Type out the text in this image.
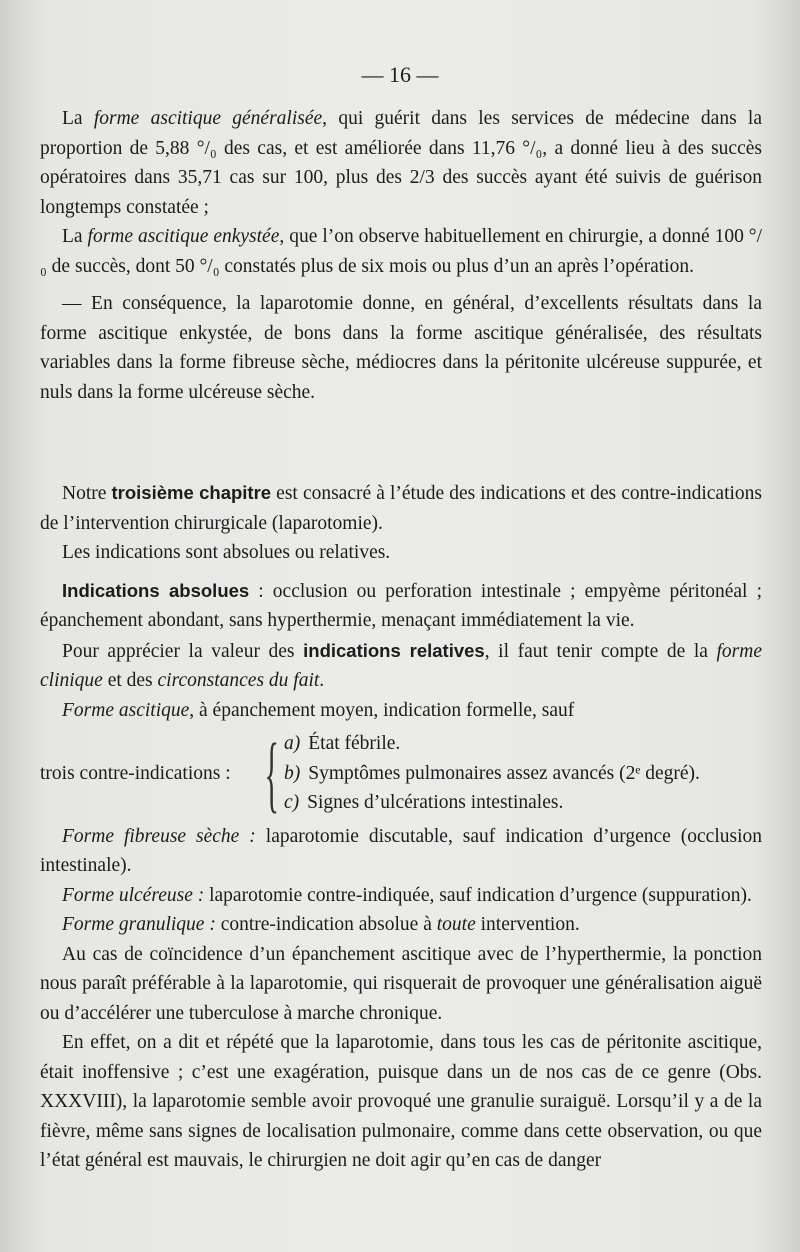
— 16 —

La forme ascitique généralisée, qui guérit dans les services de médecine dans la proportion de 5,88 °/₀ des cas, et est améliorée dans 11,76 °/₀, a donné lieu à des succès opératoires dans 35,71 cas sur 100, plus des 2/3 des succès ayant été suivis de guérison longtemps constatée ;

La forme ascitique enkystée, que l’on observe habituellement en chirurgie, a donné 100 °/₀ de succès, dont 50 °/₀ constatés plus de six mois ou plus d’un an après l’opération.

— En conséquence, la laparotomie donne, en général, d’excellents résultats dans la forme ascitique enkystée, de bons dans la forme ascitique généralisée, des résultats variables dans la forme fibreuse sèche, médiocres dans la péritonite ulcéreuse suppurée, et nuls dans la forme ulcéreuse sèche.

Notre troisième chapitre est consacré à l’étude des indications et des contre-indications de l’intervention chirurgicale (laparotomie).

Les indications sont absolues ou relatives.

Indications absolues : occlusion ou perforation intestinale ; empyème péritonéal ; épanchement abondant, sans hyperthermie, menaçant immédiatement la vie.

Pour apprécier la valeur des indications relatives, il faut tenir compte de la forme clinique et des circonstances du fait.

Forme ascitique, à épanchement moyen, indication formelle, sauf

trois contre-indications : { a) État fébrile.
b) Symptômes pulmonaires assez avancés (2ᵉ degré).
c) Signes d’ulcérations intestinales.

Forme fibreuse sèche : laparotomie discutable, sauf indication d’urgence (occlusion intestinale).

Forme ulcéreuse : laparotomie contre-indiquée, sauf indication d’urgence (suppuration).

Forme granulique : contre-indication absolue à toute intervention.

Au cas de coïncidence d’un épanchement ascitique avec de l’hyperthermie, la ponction nous paraît préférable à la laparotomie, qui risquerait de provoquer une généralisation aiguë ou d’accélérer une tuberculose à marche chronique.

En effet, on a dit et répété que la laparotomie, dans tous les cas de péritonite ascitique, était inoffensive ; c’est une exagération, puisque dans un de nos cas de ce genre (Obs. XXXVIII), la laparotomie semble avoir provoqué une granulie suraiguë. Lorsqu’il y a de la fièvre, même sans signes de localisation pulmonaire, comme dans cette observation, ou que l’état général est mauvais, le chirurgien ne doit agir qu’en cas de danger
